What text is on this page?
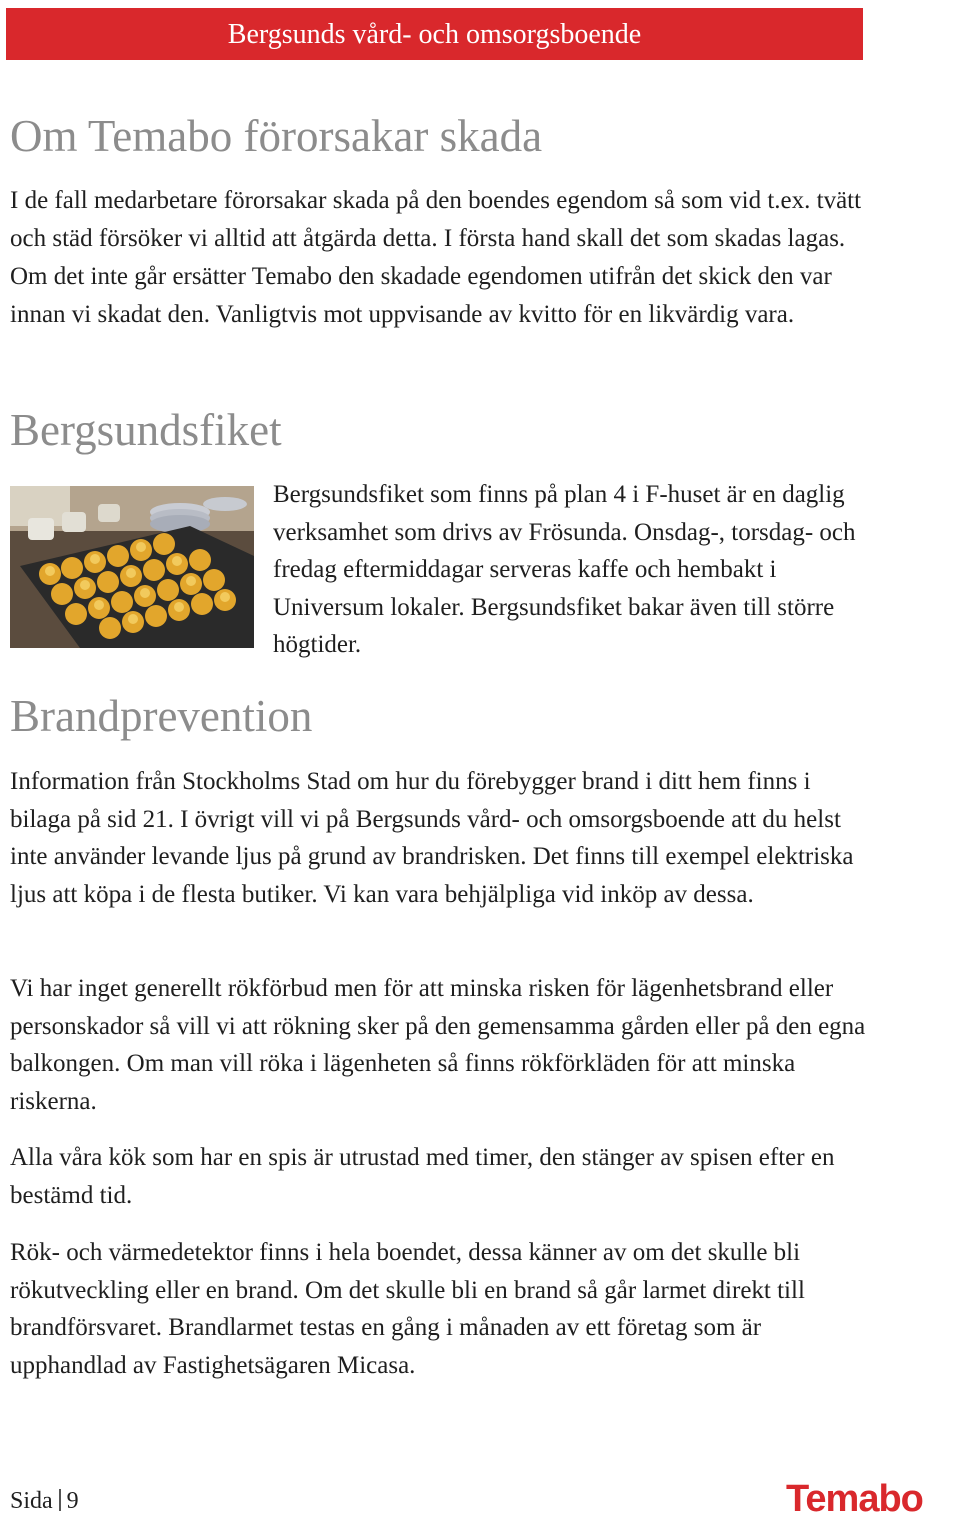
Bergsunds vård- och omsorgsboende
Om Temabo förorsakar skada

I de fall medarbetare förorsakar skada på den boendes egendom så som vid t.ex. tvätt och städ försöker vi alltid att åtgärda detta. I första hand skall det som skadas lagas. Om det inte går ersätter Temabo den skadade egendomen utifrån det skick den var innan vi skadat den. Vanligtvis mot uppvisande av kvitto för en likvärdig vara.

Bergsundsfiket

Bergsundsfiket som finns på plan 4 i F-huset är en daglig verksamhet som drivs av Frösunda. Onsdag-, torsdag- och fredag eftermiddagar serveras kaffe och hembakt i Universum lokaler. Bergsundsfiket bakar även till större högtider.

Brandprevention

Information från Stockholms Stad om hur du förebygger brand i ditt hem finns i bilaga på sid 21. I övrigt vill vi på Bergsunds vård- och omsorgsboende att du helst inte använder levande ljus på grund av brandrisken. Det finns till exempel elektriska ljus att köpa i de flesta butiker. Vi kan vara behjälpliga vid inköp av dessa.

Vi har inget generellt rökförbud men för att minska risken för lägenhetsbrand eller personskador så vill vi att rökning sker på den gemensamma gården eller på den egna balkongen. Om man vill röka i lägenheten så finns rökförkläden för att minska riskerna.

Alla våra kök som har en spis är utrustad med timer, den stänger av spisen efter en bestämd tid.

Rök- och värmedetektor finns i hela boendet, dessa känner av om det skulle bli rökutveckling eller en brand. Om det skulle bli en brand så går larmet direkt till brandförsvaret. Brandlarmet testas en gång i månaden av ett företag som är upphandlad av Fastighetsägaren Micasa.

Sida 9	Temabo
